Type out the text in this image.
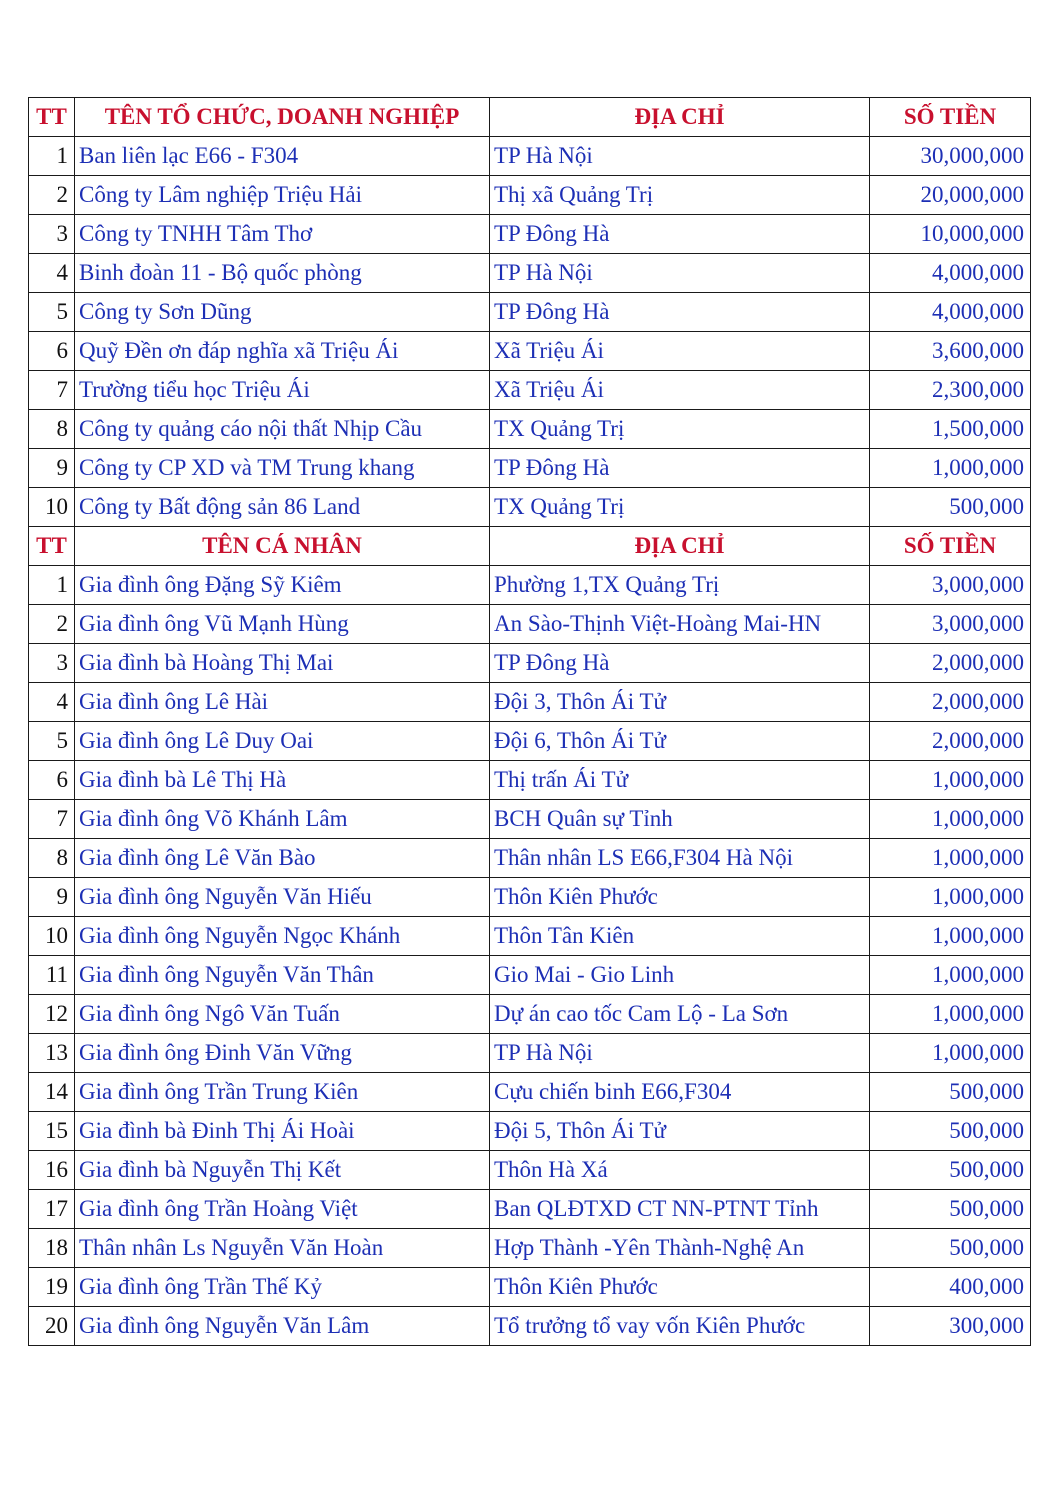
TT	TÊN TỔ CHỨC, DOANH NGHIỆP	ĐỊA CHỈ	SỐ TIỀN
1	Ban liên lạc E66 - F304	TP Hà Nội	30,000,000
2	Công ty Lâm nghiệp Triệu Hải	Thị xã Quảng Trị	20,000,000
3	Công ty TNHH Tâm Thơ	TP Đông Hà	10,000,000
4	Binh đoàn 11 - Bộ quốc phòng	TP Hà Nội	4,000,000
5	Công ty Sơn Dũng	TP Đông Hà	4,000,000
6	Quỹ Đền ơn đáp nghĩa xã Triệu Ái	Xã Triệu Ái	3,600,000
7	Trường tiểu học Triệu Ái	Xã Triệu Ái	2,300,000
8	Công ty quảng cáo nội thất Nhịp Cầu	TX Quảng Trị	1,500,000
9	Công ty CP XD và TM Trung khang	TP Đông Hà	1,000,000
10	Công ty Bất động sản 86 Land	TX Quảng Trị	500,000
TT	TÊN CÁ NHÂN	ĐỊA CHỈ	SỐ TIỀN
1	Gia đình ông Đặng Sỹ Kiêm	Phường 1,TX Quảng Trị	3,000,000
2	Gia đình ông Vũ Mạnh Hùng	An Sào-Thịnh Việt-Hoàng Mai-HN	3,000,000
3	Gia đình bà Hoàng Thị Mai	TP Đông Hà	2,000,000
4	Gia đình ông Lê Hài	Đội 3, Thôn Ái Tử	2,000,000
5	Gia đình ông Lê Duy Oai	Đội 6, Thôn Ái Tử	2,000,000
6	Gia đình bà Lê Thị Hà	Thị trấn Ái Tử	1,000,000
7	Gia đình ông Võ Khánh Lâm	BCH Quân sự Tỉnh	1,000,000
8	Gia đình ông Lê Văn Bào	Thân nhân LS E66,F304 Hà Nội	1,000,000
9	Gia đình ông Nguyễn Văn Hiếu	Thôn Kiên Phước	1,000,000
10	Gia đình ông Nguyễn Ngọc Khánh	Thôn Tân Kiên	1,000,000
11	Gia đình ông Nguyễn Văn Thân	Gio Mai - Gio Linh	1,000,000
12	Gia đình ông Ngô Văn Tuấn	Dự án cao tốc Cam Lộ - La Sơn	1,000,000
13	Gia đình ông Đinh Văn Vững	TP Hà Nội	1,000,000
14	Gia đình ông Trần Trung Kiên	Cựu chiến binh E66,F304	500,000
15	Gia đình bà Đinh Thị Ái Hoài	Đội 5, Thôn Ái Tử	500,000
16	Gia đình bà Nguyễn Thị Kết	Thôn Hà Xá	500,000
17	Gia đình ông Trần Hoàng Việt	Ban QLĐTXD CT NN-PTNT Tỉnh	500,000
18	Thân nhân Ls Nguyễn Văn Hoàn	Hợp Thành -Yên Thành-Nghệ An	500,000
19	Gia đình ông Trần Thế Kỷ	Thôn Kiên Phước	400,000
20	Gia đình ông Nguyễn Văn Lâm	Tổ trưởng tổ vay vốn Kiên Phước	300,000
